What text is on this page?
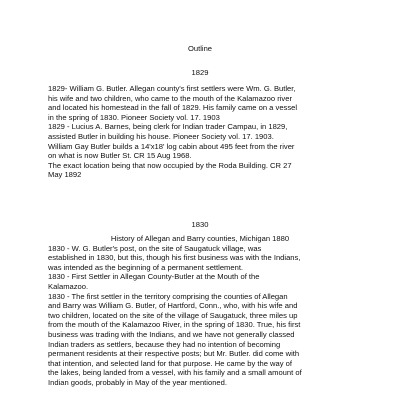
Outline
1829
1829- William G. Butler. Allegan county's first settlers were Wm. G. Butler,
his wife and two children, who came to the mouth of the Kalamazoo river
and located his homestead in the fall of 1829. His family came on a vessel
in the spring of 1830. Pioneer Society vol. 17. 1903
1829 - Lucius A. Barnes, being clerk for Indian trader Campau, in 1829,
assisted Butler in building his house. Pioneer Society vol. 17. 1903.
William Gay Butler builds a 14'x18' log cabin about 495 feet from the river
on what is now Butler St. CR 15 Aug 1968.
The exact location being that now occupied by the Roda Building. CR 27
May 1892
1830
History of Allegan and Barry counties, Michigan 1880
1830 - W. G. Butler's post, on the site of Saugatuck village, was
established in 1830, but this, though his first business was with the Indians,
was intended as the beginning of a permanent settlement.
1830 - First Settler in Allegan County-Butler at the Mouth of the
Kalamazoo.
1830 - The first settler in the territory comprising the counties of Allegan
and Barry was William G. Butler, of Hartford, Conn., who, with his wife and
two children, located on the site of the village of Saugatuck, three miles up
from the mouth of the Kalamazoo River, in the spring of 1830. True, his first
business was trading with the Indians, and we have not generally classed
Indian traders as settlers, because they had no intention of becoming
permanent residents at their respective posts; but Mr. Butler. did come with
that intention, and selected land for that purpose. He came by the way of
the lakes, being landed from a vessel, with his family and a small amount of
Indian goods, probably in May of the year mentioned.
